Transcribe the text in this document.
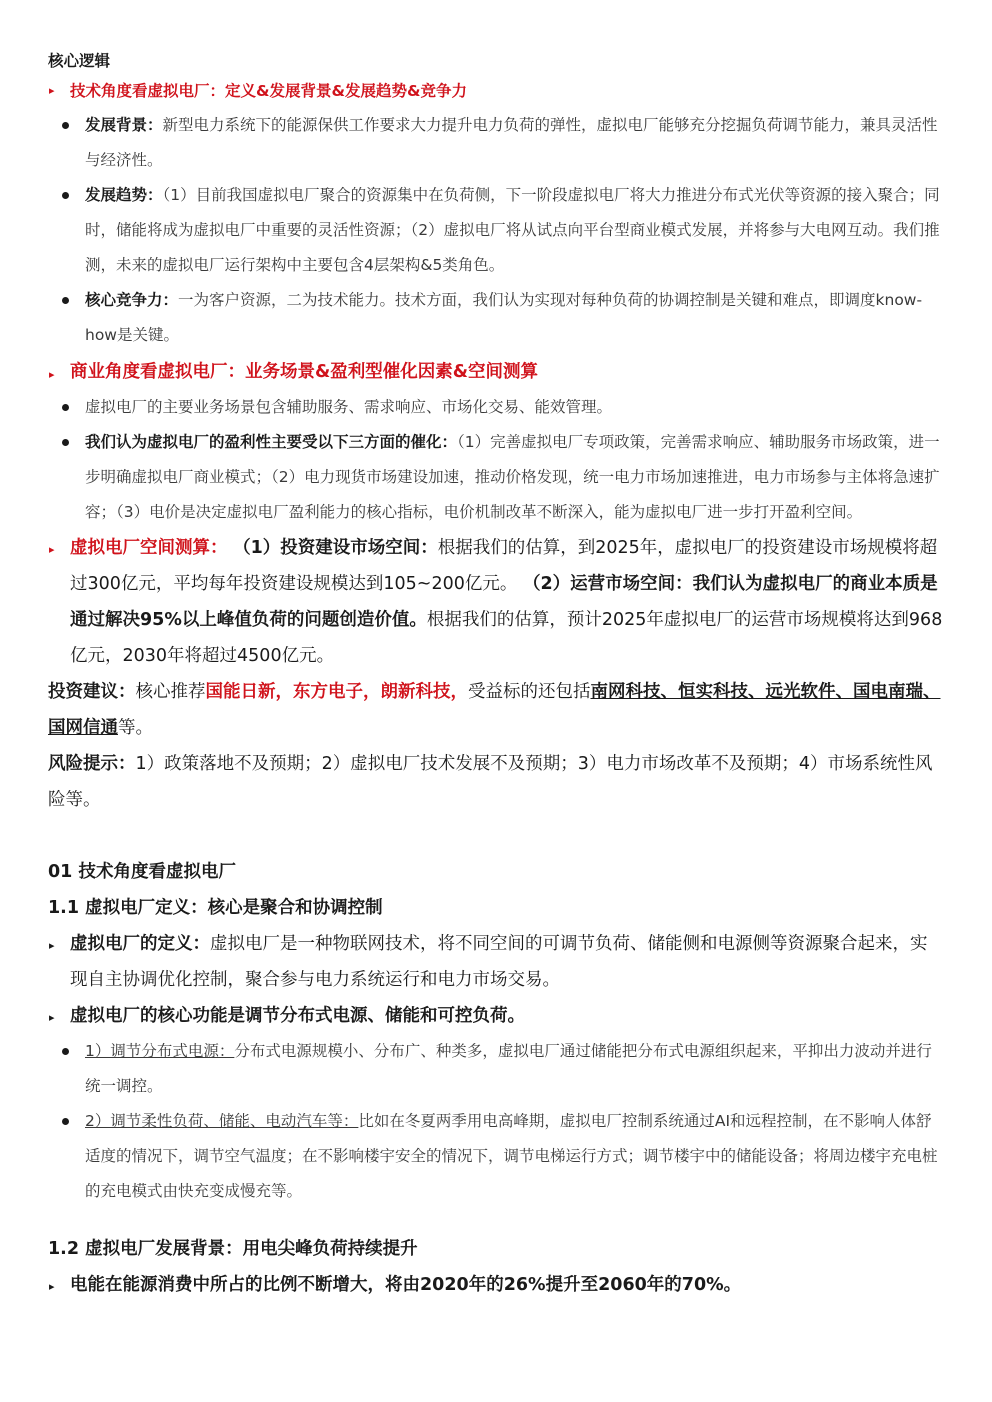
核心逻辑
▸ 技术角度看虚拟电厂：定义&发展背景&发展趋势&竞争力
发展背景：新型电力系统下的能源保供工作要求大力提升电力负荷的弹性，虚拟电厂能够充分挖掘负荷调节能力，兼具灵活性与经济性。
发展趋势：（1）目前我国虚拟电厂聚合的资源集中在负荷侧，下一阶段虚拟电厂将大力推进分布式光伏等资源的接入聚合；同时，储能将成为虚拟电厂中重要的灵活性资源；（2）虚拟电厂将从试点向平台型商业模式发展，并将参与大电网互动。我们推测，未来的虚拟电厂运行架构中主要包含4层架构&5类角色。
核心竞争力：一为客户资源，二为技术能力。技术方面，我们认为实现对每种负荷的协调控制是关键和难点，即调度know-how是关键。
▸ 商业角度看虚拟电厂：业务场景&盈利型催化因素&空间测算
虚拟电厂的主要业务场景包含辅助服务、需求响应、市场化交易、能效管理。
我们认为虚拟电厂的盈利性主要受以下三方面的催化：（1）完善虚拟电厂专项政策，完善需求响应、辅助服务市场政策，进一步明确虚拟电厂商业模式；（2）电力现货市场建设加速，推动价格发现，统一电力市场加速推进，电力市场参与主体将急速扩容；（3）电价是决定虚拟电厂盈利能力的核心指标，电价机制改革不断深入，能为虚拟电厂进一步打开盈利空间。
▸ 虚拟电厂空间测算： （1）投资建设市场空间：根据我们的估算，到2025年，虚拟电厂的投资建设市场规模将超过300亿元，平均每年投资建设规模达到105~200亿元。 （2）运营市场空间：我们认为虚拟电厂的商业本质是通过解决95%以上峰值负荷的问题创造价值。根据我们的估算，预计2025年虚拟电厂的运营市场规模将达到968亿元，2030年将超过4500亿元。
投资建议：核心推荐国能日新，东方电子，朗新科技，受益标的还包括南网科技、恒实科技、远光软件、国电南瑞、国网信通等。
风险提示：1）政策落地不及预期；2）虚拟电厂技术发展不及预期；3）电力市场改革不及预期；4）市场系统性风险等。
01 技术角度看虚拟电厂
1.1 虚拟电厂定义：核心是聚合和协调控制
▸ 虚拟电厂的定义：虚拟电厂是一种物联网技术，将不同空间的可调节负荷、储能侧和电源侧等资源聚合起来，实现自主协调优化控制，聚合参与电力系统运行和电力市场交易。
▸ 虚拟电厂的核心功能是调节分布式电源、储能和可控负荷。
1）调节分布式电源：分布式电源规模小、分布广、种类多，虚拟电厂通过储能把分布式电源组织起来，平抑出力波动并进行统一调控。
2）调节柔性负荷、储能、电动汽车等：比如在冬夏两季用电高峰期，虚拟电厂控制系统通过AI和远程控制，在不影响人体舒适度的情况下，调节空气温度；在不影响楼宇安全的情况下，调节电梯运行方式；调节楼宇中的储能设备；将周边楼宇充电桩的充电模式由快充变成慢充等。
1.2 虚拟电厂发展背景：用电尖峰负荷持续提升
▸ 电能在能源消费中所占的比例不断增大，将由2020年的26%提升至2060年的70%。
